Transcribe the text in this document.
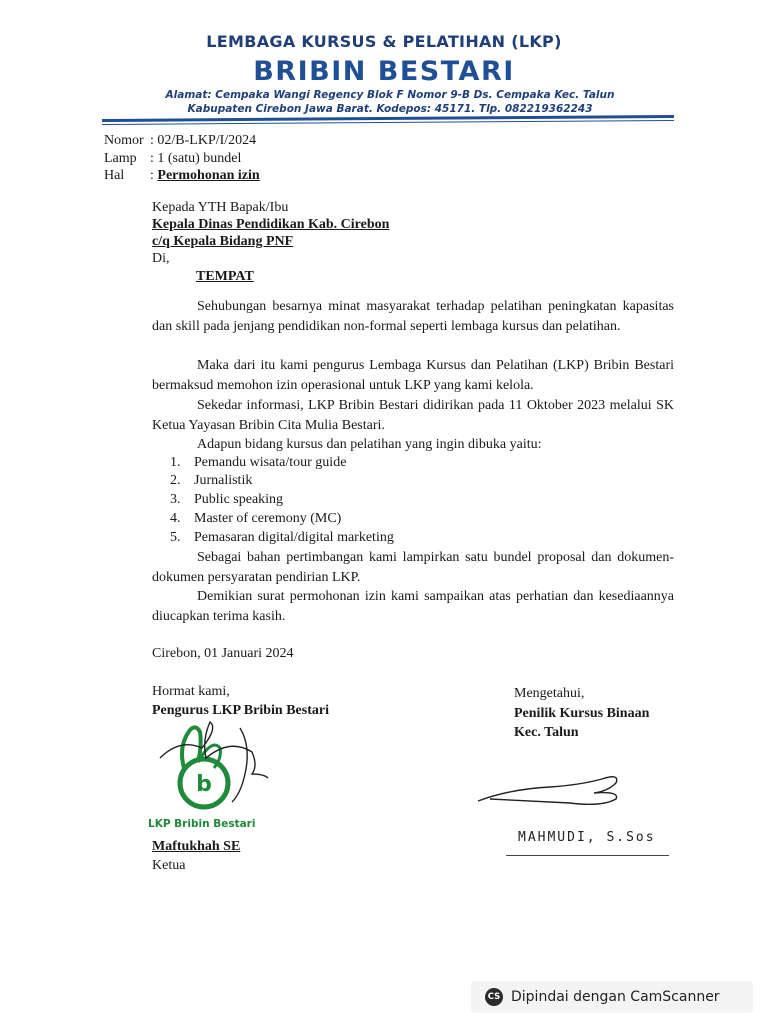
LEMBAGA KURSUS & PELATIHAN (LKP)
BRIBIN BESTARI
Alamat: Cempaka Wangi Regency Blok F Nomor 9-B Ds. Cempaka Kec. Talun
Kabupaten Cirebon Jawa Barat. Kodepos: 45171. Tlp. 082219362243
Nomor : 02/B-LKP/I/2024
Lamp : 1 (satu) bundel
Hal : Permohonan izin
Kepada YTH Bapak/Ibu
Kepala Dinas Pendidikan Kab. Cirebon
c/q Kepala Bidang PNF
Di,
TEMPAT
Sehubungan besarnya minat masyarakat terhadap pelatihan peningkatan kapasitas dan skill pada jenjang pendidikan non-formal seperti lembaga kursus dan pelatihan.
Maka dari itu kami pengurus Lembaga Kursus dan Pelatihan (LKP) Bribin Bestari bermaksud memohon izin operasional untuk LKP yang kami kelola.
Sekedar informasi, LKP Bribin Bestari didirikan pada 11 Oktober 2023 melalui SK Ketua Yayasan Bribin Cita Mulia Bestari.
Adapun bidang kursus dan pelatihan yang ingin dibuka yaitu:
1. Pemandu wisata/tour guide
2. Jurnalistik
3. Public speaking
4. Master of ceremony (MC)
5. Pemasaran digital/digital marketing
Sebagai bahan pertimbangan kami lampirkan satu bundel proposal dan dokumen-dokumen persyaratan pendirian LKP.
Demikian surat permohonan izin kami sampaikan atas perhatian dan kesediaannya diucapkan terima kasih.
Cirebon, 01 Januari 2024
Hormat kami,
Pengurus LKP Bribin Bestari
b
LKP Bribin Bestari
Maftukhah SE
Ketua
Mengetahui,
Penilik Kursus Binaan
Kec. Talun
MAHMUDI, S.Sos
CS Dipindai dengan CamScanner
